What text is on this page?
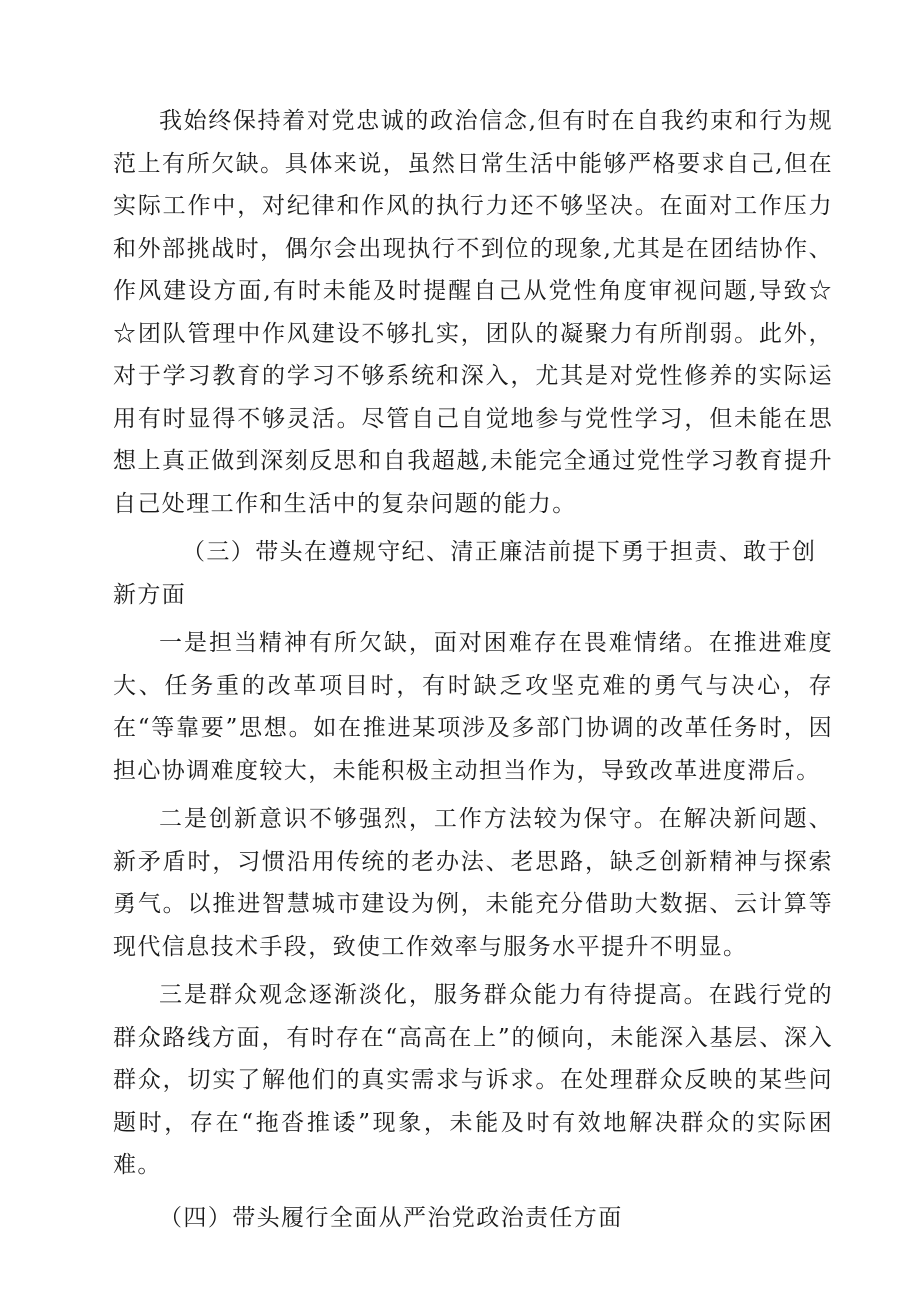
我始终保持着对党忠诚的政治信念,但有时在自我约束和行为规范上有所欠缺。具体来说，虽然日常生活中能够严格要求自己,但在实际工作中，对纪律和作风的执行力还不够坚决。在面对工作压力和外部挑战时，偶尔会出现执行不到位的现象,尤其是在团结协作、作风建设方面,有时未能及时提醒自己从党性角度审视问题,导致☆☆团队管理中作风建设不够扎实，团队的凝聚力有所削弱。此外，对于学习教育的学习不够系统和深入，尤其是对党性修养的实际运用有时显得不够灵活。尽管自己自觉地参与党性学习，但未能在思想上真正做到深刻反思和自我超越,未能完全通过党性学习教育提升自己处理工作和生活中的复杂问题的能力。

（三）带头在遵规守纪、清正廉洁前提下勇于担责、敢于创新方面

一是担当精神有所欠缺，面对困难存在畏难情绪。在推进难度大、任务重的改革项目时，有时缺乏攻坚克难的勇气与决心，存在“等靠要”思想。如在推进某项涉及多部门协调的改革任务时，因担心协调难度较大，未能积极主动担当作为，导致改革进度滞后。

二是创新意识不够强烈，工作方法较为保守。在解决新问题、新矛盾时，习惯沿用传统的老办法、老思路，缺乏创新精神与探索勇气。以推进智慧城市建设为例，未能充分借助大数据、云计算等现代信息技术手段，致使工作效率与服务水平提升不明显。

三是群众观念逐渐淡化，服务群众能力有待提高。在践行党的群众路线方面，有时存在“高高在上”的倾向，未能深入基层、深入群众，切实了解他们的真实需求与诉求。在处理群众反映的某些问题时，存在“拖沓推诿”现象，未能及时有效地解决群众的实际困难。

（四）带头履行全面从严治党政治责任方面
